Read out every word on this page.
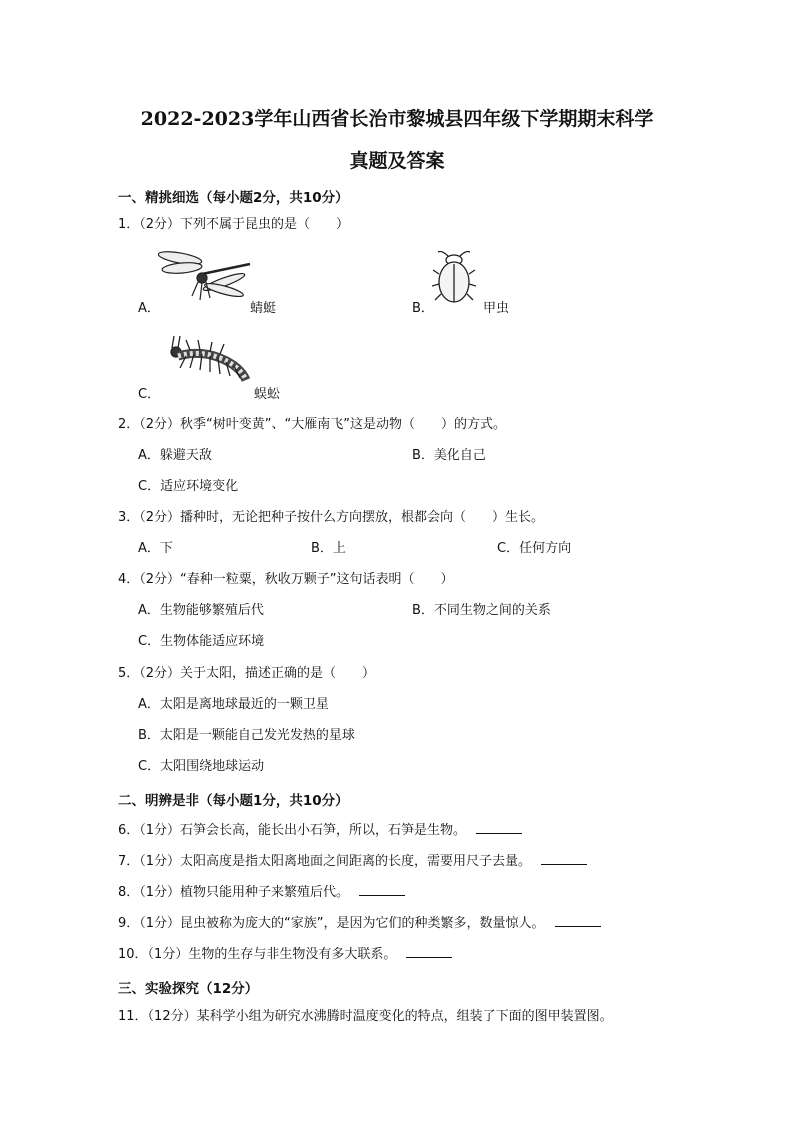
2022-2023学年山西省长治市黎城县四年级下学期期末科学
真题及答案
一、精挑细选（每小题2分，共10分）
1．（2分）下列不属于昆虫的是（　　）
A．	蜻蜓	B．	甲虫
C．	蜈蚣
2．（2分）秋季“树叶变黄”、“大雁南飞”这是动物（　　）的方式。
A．躲避天敌	B．美化自己
C．适应环境变化
3．（2分）播种时，无论把种子按什么方向摆放，根都会向（　　）生长。
A．下	B．上	C．任何方向
4．（2分）“春种一粒粟，秋收万颗子”这句话表明（　　）
A．生物能够繁殖后代	B．不同生物之间的关系
C．生物体能适应环境
5．（2分）关于太阳，描述正确的是（　　）
A．太阳是离地球最近的一颗卫星
B．太阳是一颗能自己发光发热的星球
C．太阳围绕地球运动
二、明辨是非（每小题1分，共10分）
6．（1分）石笋会长高，能长出小石笋，所以，石笋是生物。
7．（1分）太阳高度是指太阳离地面之间距离的长度，需要用尺子去量。
8．（1分）植物只能用种子来繁殖后代。
9．（1分）昆虫被称为庞大的“家族”，是因为它们的种类繁多，数量惊人。
10．（1分）生物的生存与非生物没有多大联系。
三、实验探究（12分）
11．（12分）某科学小组为研究水沸腾时温度变化的特点，组装了下面的图甲装置图。
